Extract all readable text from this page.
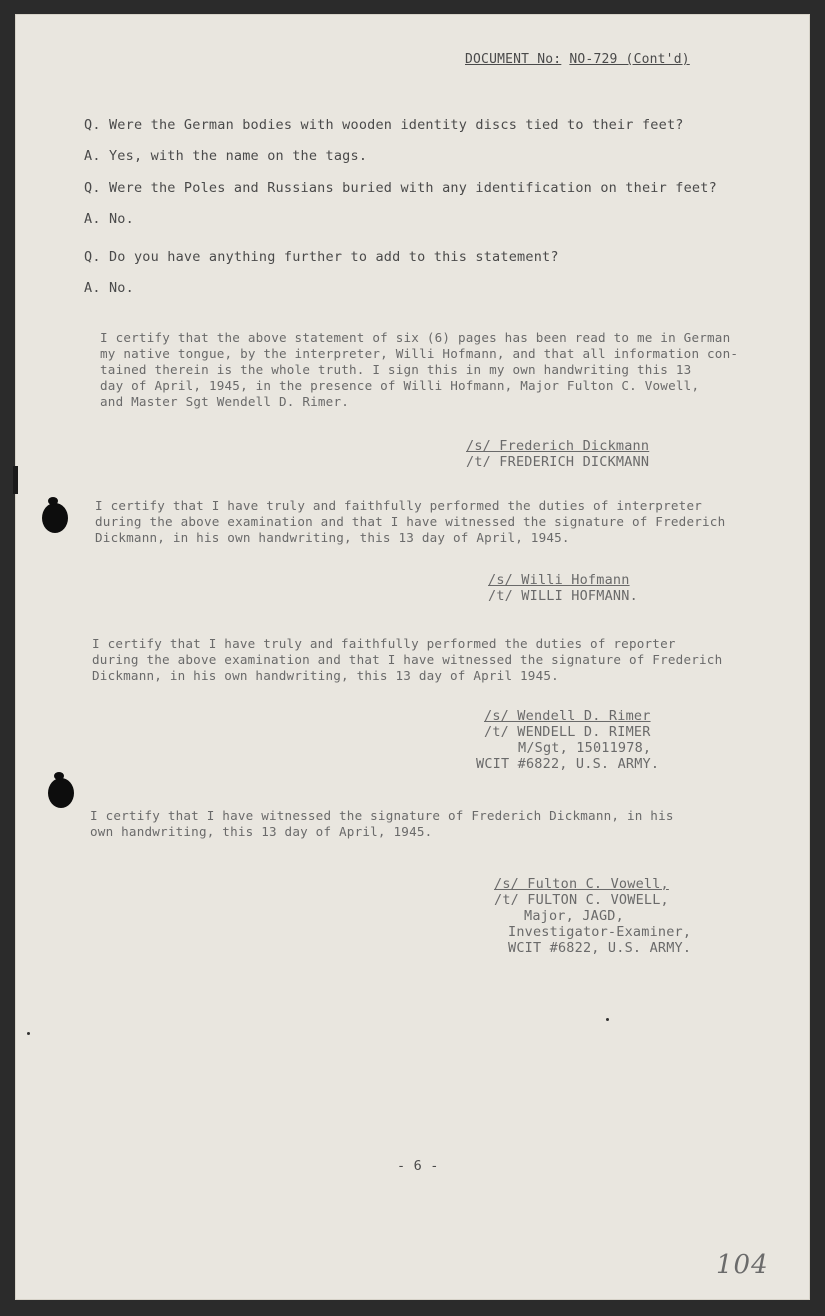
DOCUMENT No: NO-729 (Cont'd)
Q. Were the German bodies with wooden identity discs tied to their feet?
A. Yes, with the name on the tags.
Q. Were the Poles and Russians buried with any identification on their feet?
A. No.
Q. Do you have anything further to add to this statement?
A. No.
I certify that the above statement of six (6) pages has been read to me in German
my native tongue, by the interpreter, Willi Hofmann, and that all information con-
tained therein is the whole truth. I sign this in my own handwriting this 13
day of April, 1945, in the presence of Willi Hofmann, Major Fulton C. Vowell,
and Master Sgt Wendell D. Rimer.
/s/ Frederich Dickmann
/t/ FREDERICH DICKMANN
I certify that I have truly and faithfully performed the duties of interpreter
during the above examination and that I have witnessed the signature of Frederich
Dickmann, in his own handwriting, this 13 day of April, 1945.
/s/ Willi Hofmann
/t/ WILLI HOFMANN.
I certify that I have truly and faithfully performed the duties of reporter
during the above examination and that I have witnessed the signature of Frederich
Dickmann, in his own handwriting, this 13 day of April 1945.
/s/ Wendell D. Rimer
/t/ WENDELL D. RIMER
M/Sgt, 15011978,
WCIT #6822, U.S. ARMY.
I certify that I have witnessed the signature of Frederich Dickmann, in his
own handwriting, this 13 day of April, 1945.
/s/ Fulton C. Vowell,
/t/ FULTON C. VOWELL,
Major, JAGD,
Investigator-Examiner,
WCIT #6822, U.S. ARMY.
- 6 -
104
